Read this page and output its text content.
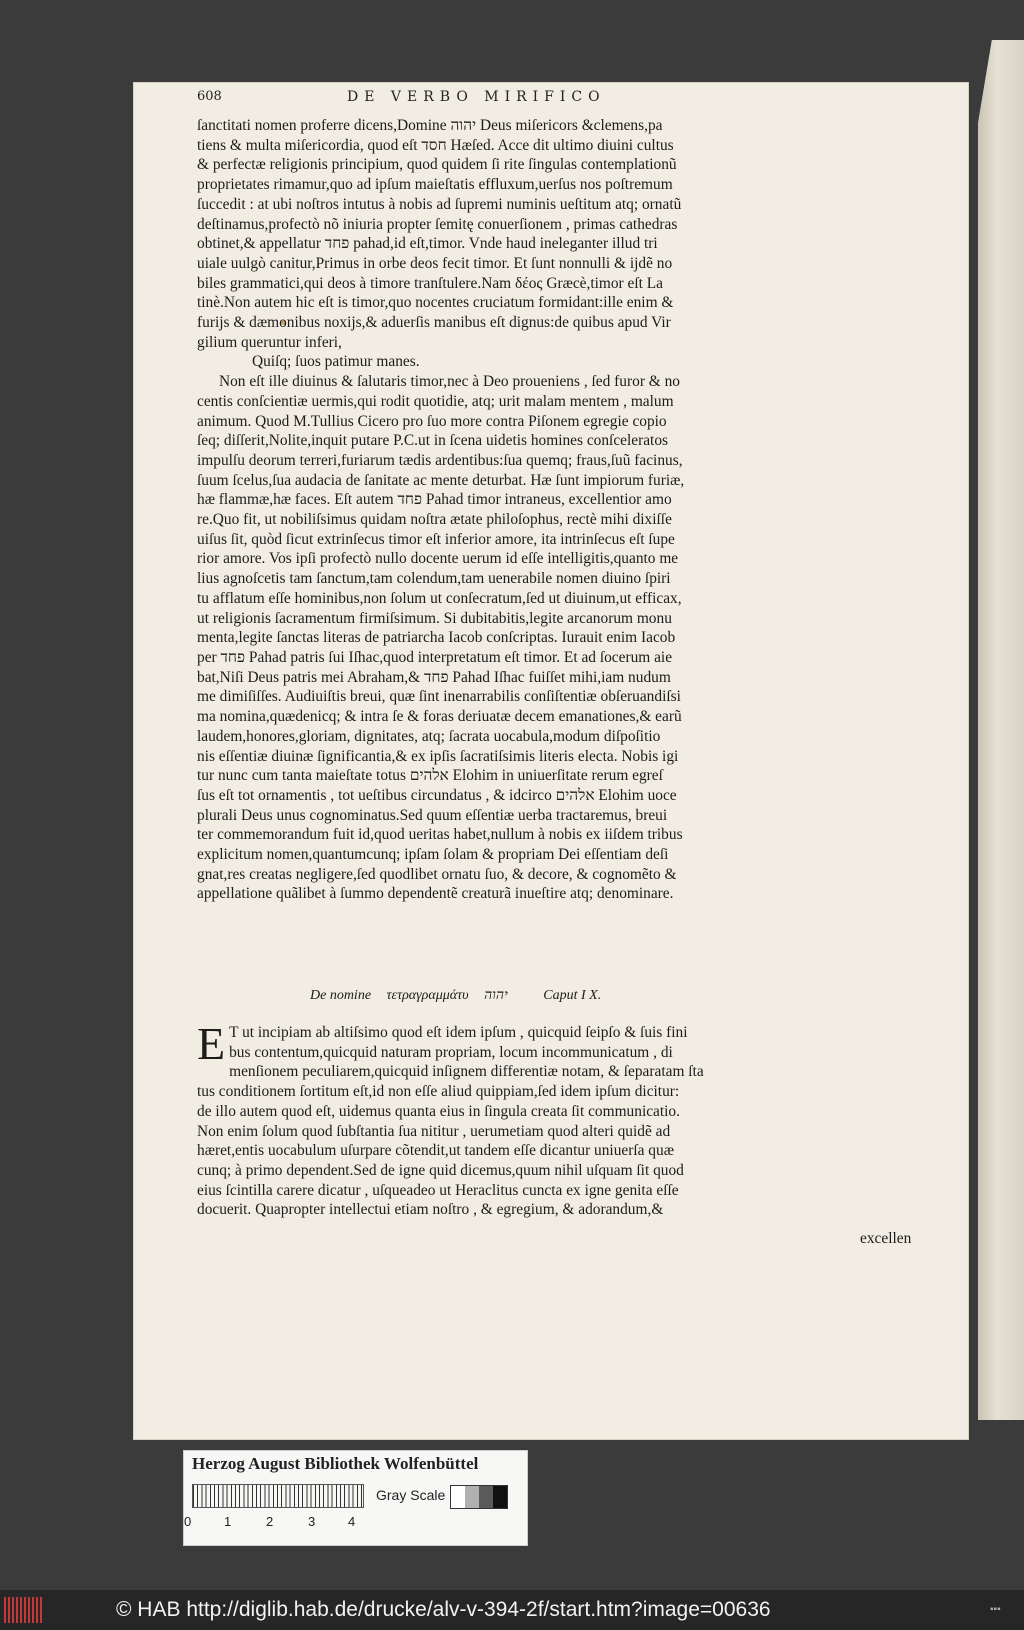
608	DE VERBO MIRIFICO
ſanctitati nomen proferre dicens,Domine יהוה Deus miſericors &clemens,pa
tiens & multa miſericordia, quod eſt חסד Hæſed. Acce dit ultimo diuini cultus
& perfectæ religionis principium, quod quidem ſi rite ſingulas contemplationũ
proprietates rimamur,quo ad ipſum maieſtatis effluxum,uerſus nos poſtremum
ſuccedit : at ubi noſtros intutus à nobis ad ſupremi numinis ueſtitum atq; ornatũ
deſtinamus,profectò nõ iniuria propter ſemitę conuerſionem , primas cathedras
obtinet,& appellatur פחד pahad,id eſt,timor. Vnde haud ineleganter illud tri
uiale uulgò canitur,Primus in orbe deos fecit timor. Et ſunt nonnulli & ijdẽ no
biles grammatici,qui deos à timore tranſtulere.Nam δέος Græcè,timor eſt La
tinè.Non autem hic eſt is timor,quo nocentes cruciatum formidant:ille enim &
furijs & dæmonibus noxijs,& aduerſis manibus eſt dignus:de quibus apud Vir
gilium queruntur inferi,
Quiſq; ſuos patimur manes.
Non eſt ille diuinus & ſalutaris timor,nec à Deo proueniens , ſed furor & no
centis conſcientiæ uermis,qui rodit quotidie, atq; urit malam mentem , malum
animum. Quod M.Tullius Cicero pro ſuo more contra Piſonem egregie copio
ſeq; diſſerit,Nolite,inquit putare P.C.ut in ſcena uidetis homines conſceleratos
impulſu deorum terreri,furiarum tædis ardentibus:ſua quemq; fraus,ſuũ facinus,
ſuum ſcelus,ſua audacia de ſanitate ac mente deturbat. Hæ ſunt impiorum furiæ,
hæ flammæ,hæ faces. Eſt autem פחד Pahad timor intraneus, excellentior amo
re.Quo fit, ut nobiliſsimus quidam noſtra ætate philoſophus, rectè mihi dixiſſe
uiſus ſit, quòd ſicut extrinſecus timor eſt inferior amore, ita intrinſecus eſt ſupe
rior amore. Vos ipſi profectò nullo docente uerum id eſſe intelligitis,quanto me
lius agnoſcetis tam ſanctum,tam colendum,tam uenerabile nomen diuino ſpiri
tu afflatum eſſe hominibus,non ſolum ut conſecratum,ſed ut diuinum,ut efficax,
ut religionis ſacramentum firmiſsimum. Si dubitabitis,legite arcanorum monu
menta,legite ſanctas literas de patriarcha Iacob conſcriptas. Iurauit enim Iacob
per פחד Pahad patris ſui Iſhac,quod interpretatum eſt timor. Et ad ſocerum aie
bat,Niſi Deus patris mei Abraham,& פחד Pahad Iſhac fuiſſet mihi,iam nudum
me dimiſiſſes. Audiuiſtis breui, quæ ſint inenarrabilis conſiſtentiæ obſeruandiſsi
ma nomina,quædenicq; & intra ſe & foras deriuatæ decem emanationes,& earũ
laudem,honores,gloriam, dignitates, atq; ſacrata uocabula,modum diſpoſitio
nis eſſentiæ diuinæ ſignificantia,& ex ipſis ſacratiſsimis literis electa. Nobis igi
tur nunc cum tanta maieſtate totus אלהים Elohim in uniuerſitate rerum egreſ
ſus eſt tot ornamentis , tot ueſtibus circundatus , & idcirco אלהים Elohim uoce
plurali Deus unus cognominatus.Sed quum eſſentiæ uerba tractaremus, breui
ter commemorandum fuit id,quod ueritas habet,nullum à nobis ex iiſdem tribus
explicitum nomen,quantumcunq; ipſam ſolam & propriam Dei eſſentiam deſi
gnat,res creatas negligere,ſed quodlibet ornatu ſuo, & decore, & cognomẽto &
appellatione quãlibet à ſummo dependentẽ creaturã inueſtire atq; denominare.
De nomine τετραγραμμάτυ יהוה	Caput I X.
E T ut incipiam ab altiſsimo quod eſt idem ipſum , quicquid ſeipſo & ſuis fini
bus contentum,quicquid naturam propriam, locum incommunicatum , di
menſionem peculiarem,quicquid inſignem differentiæ notam, & ſeparatam ſta
tus conditionem ſortitum eſt,id non eſſe aliud quippiam,ſed idem ipſum dicitur:
de illo autem quod eſt, uidemus quanta eius in ſingula creata ſit communicatio.
Non enim ſolum quod ſubſtantia ſua nititur , uerumetiam quod alteri quidẽ ad
hæret,entis uocabulum uſurpare cõtendit,ut tandem eſſe dicantur uniuerſa quæ
cunq; à primo dependent.Sed de igne quid dicemus,quum nihil uſquam ſit quod
eius ſcintilla carere dicatur , uſqueadeo ut Heraclitus cuncta ex igne genita eſſe
docuerit. Quapropter intellectui etiam noſtro , & egregium, & adorandum,&
excellen
Herzog August Bibliothek Wolfenbüttel
0	1	2	3	4
Gray Scale
© HAB http://diglib.hab.de/drucke/alv-v-394-2f/start.htm?image=00636	▪▪▪
